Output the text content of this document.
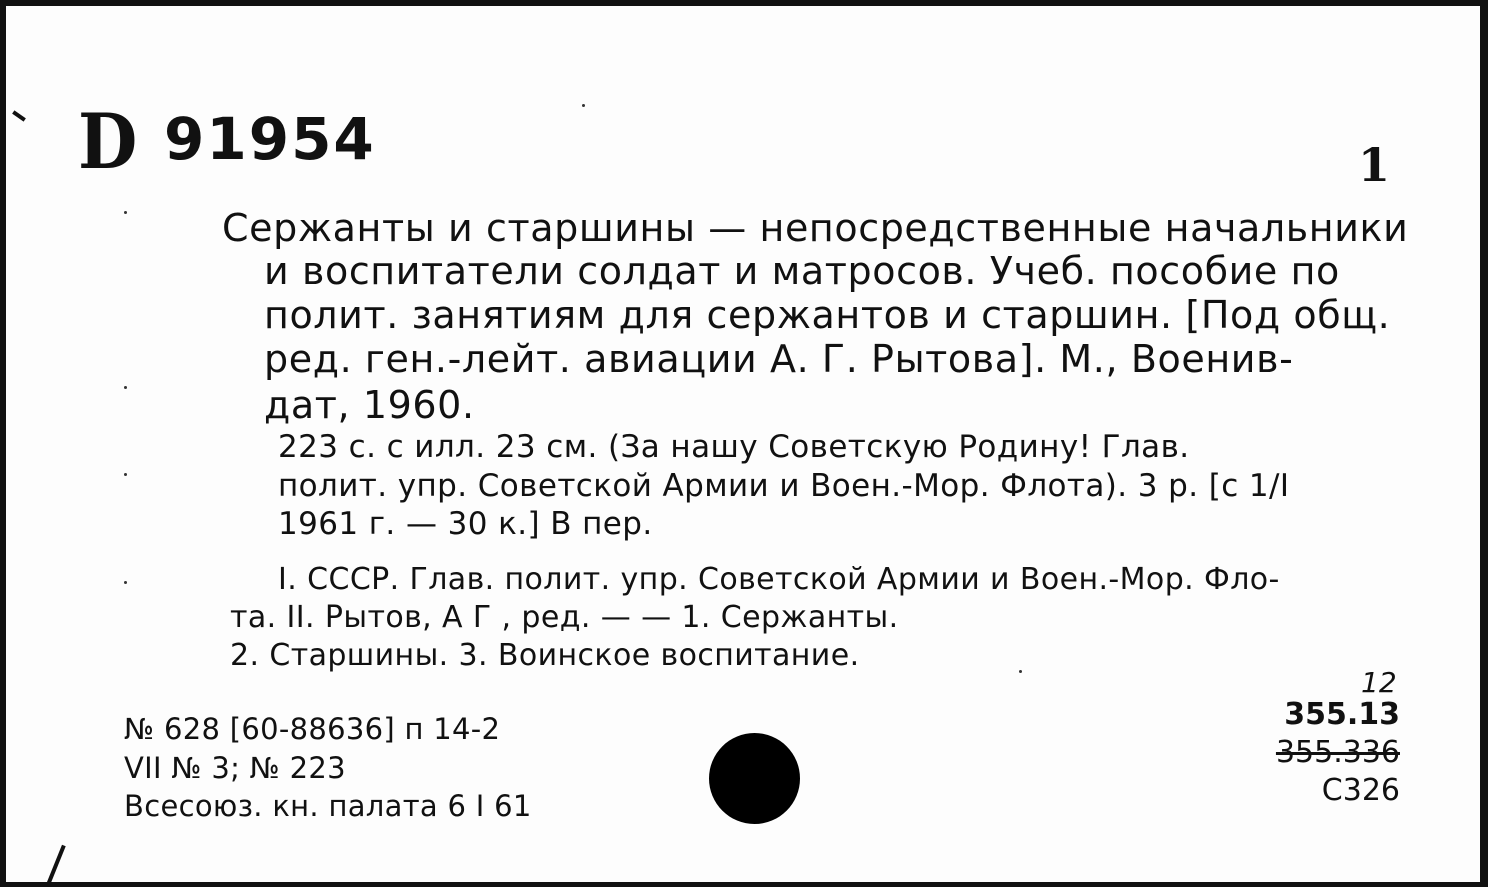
D 91954	1
Сержанты и старшины — непосредственные начальники
и воспитатели солдат и матросов. Учеб. пособие по
полит. занятиям для сержантов и старшин. [Под общ.
ред. ген.-лейт. авиации А. Г. Рытова]. М., Военив-
дат, 1960.
223 с. с илл. 23 см. (За нашу Советскую Родину! Глав.
полит. упр. Советской Армии и Воен.-Мор. Флота). 3 р. [с 1/I
1961 г. — 30 к.] В пер.
I. СССР. Глав. полит. упр. Советской Армии и Воен.-Мор. Фло-
та. II. Рытов, А Г , ред. — — 1. Сержанты.
2. Старшины. 3. Воинское воспитание.
№ 628 [60-88636] п 14-2
VII № 3; № 223
Всесоюз. кн. палата 6 I 61
12
355.13
355.336
С326
